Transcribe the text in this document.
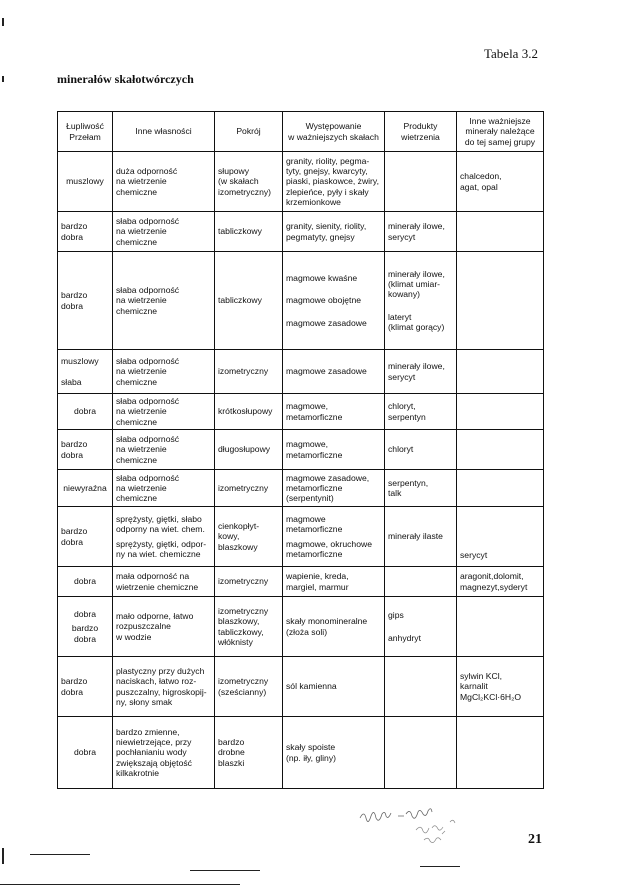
Tabela 3.2
minerałów skałotwórczych
Łupliwość
Przełam	Inne własności	Pokrój	Występowanie
w ważniejszych skałach	Produkty
wietrzenia	Inne ważniejsze
minerały należące
do tej samej grupy

muszlowy	duża odporność
na wietrzenie
chemiczne	słupowy
(w skałach
izometryczny)	granity, riolity, pegma-
tyty, gnejsy, kwarcyty,
piaski, piaskowce, żwiry,
zlepieńce, pyły i skały
krzemionkowe		chalcedon,
agat, opal

bardzo
dobra	słaba odporność
na wietrzenie
chemiczne	tabliczkowy	granity, sienity, riolity,
pegmatyty, gnejsy	minerały ilowe,
serycyt	

bardzo
dobra	słaba odporność
na wietrzenie
chemiczne	tabliczkowy	magmowe kwaśne
magmowe obojętne
magmowe zasadowe	minerały ilowe,
(klimat umiar-
kowany)
lateryt
(klimat gorący)	

muszlowy
słaba	słaba odporność
na wietrzenie
chemiczne	izometryczny	magmowe zasadowe	minerały ilowe,
serycyt	

dobra	słaba odporność
na wietrzenie
chemiczne	krótkosłupowy	magmowe,
metamorficzne	chloryt,
serpentyn	

bardzo
dobra	słaba odporność
na wietrzenie
chemiczne	długosłupowy	magmowe,
metamorficzne	chloryt	

niewyraźna	słaba odporność
na wietrzenie
chemiczne	izometryczny	magmowe zasadowe,
metamorficzne
(serpentynit)	serpentyn,
talk	

bardzo
dobra	sprężysty, giętki, słabo
odporny na wiet. chem.
sprężysty, giętki, odpor-
ny na wiet. chemiczne	cienkopłyt-
kowy,
blaszkowy	magmowe
metamorficzne
magmowe, okruchowe
metamorficzne	minerały ilaste	serycyt

dobra	mała odporność na
wietrzenie chemiczne	izometryczny	wapienie, kreda,
margiel, marmur		aragonit,dolomit,
magnezyt,syderyt

dobra
bardzo
dobra	mało odporne, łatwo
rozpuszczalne
w wodzie	izometryczny
blaszkowy,
tabliczkowy,
włóknisty	skały monomineralne
(złoża soli)	gips
anhydryt	

bardzo
dobra	plastyczny przy dużych
naciskach, łatwo roz-
puszczalny, higroskopij-
ny, słony smak	izometryczny
(sześcianny)	sól kamienna		sylwin KCl,
karnalit
MgCl₂KCl·6H₂O

dobra	bardzo zmienne,
niewietrzejące, przy
pochłanianiu wody
zwiększają objętość
kilkakrotnie	bardzo
drobne
blaszki	skały spoiste
(np. iły, gliny)		

21
